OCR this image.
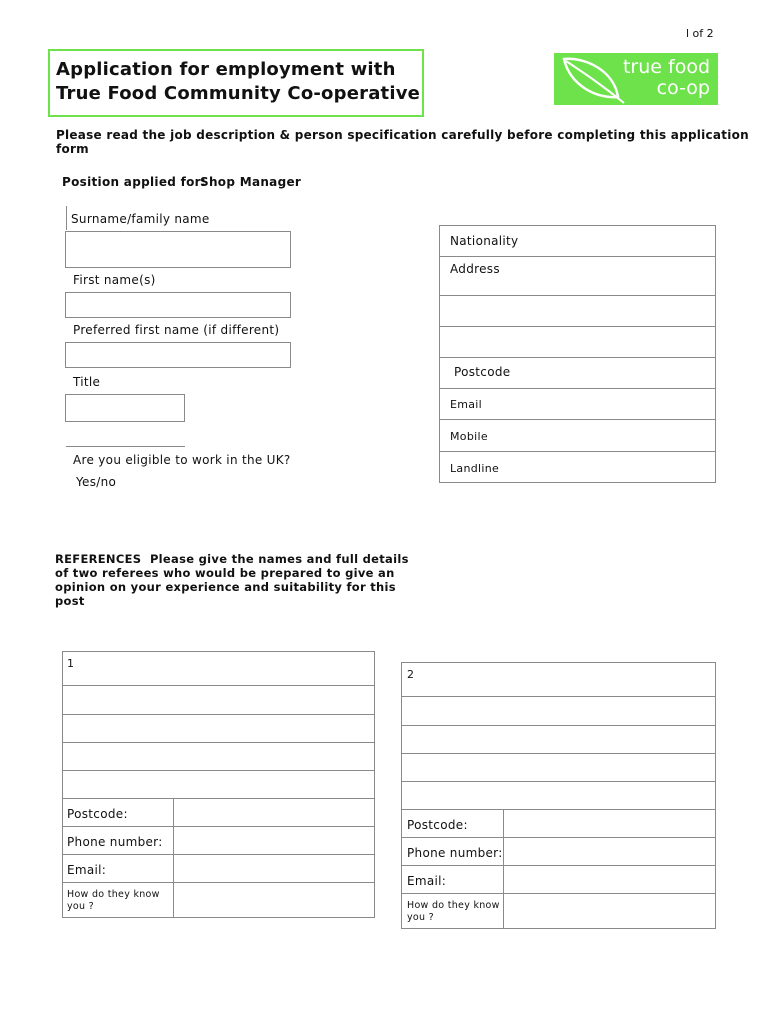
l of 2
Application for employment with
True Food Community Co-operative
true food
co-op
Please read the job description & person specification carefully before completing this application form
Position applied for:
Shop Manager
Surname/family name
First name(s)
Preferred first name (if different)
Title
Are you eligible to work in the UK?
Yes/no
Nationality
Address
Postcode
Email
Mobile
Landline
REFERENCES Please give the names and full details
of two referees who would be prepared to give an
opinion on your experience and suitability for this
post
1
Postcode:
Phone number:
Email:
How do they know you ?
2
Postcode:
Phone number:
Email:
How do they know you ?
